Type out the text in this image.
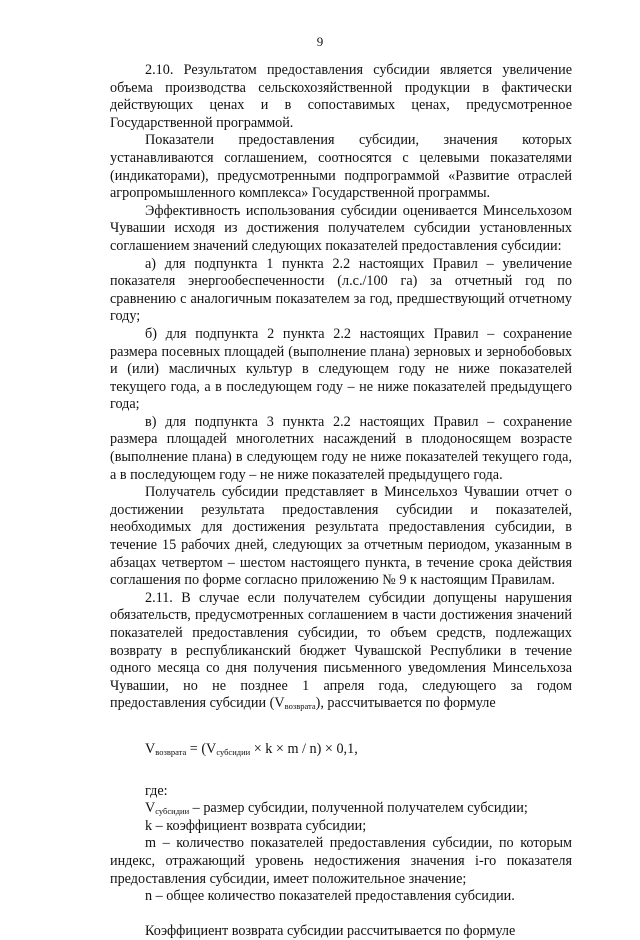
9

2.10. Результатом предоставления субсидии является увеличение объема производства сельскохозяйственной продукции в фактически действующих ценах и в сопоставимых ценах, предусмотренное Государственной программой.

Показатели предоставления субсидии, значения которых устанавливаются соглашением, соотносятся с целевыми показателями (индикаторами), предусмотренными подпрограммой «Развитие отраслей агропромышленного комплекса» Государственной программы.

Эффективность использования субсидии оценивается Минсельхозом Чувашии исходя из достижения получателем субсидии установленных соглашением значений следующих показателей предоставления субсидии:

а) для подпункта 1 пункта 2.2 настоящих Правил – увеличение показателя энергообеспеченности (л.с./100 га) за отчетный год по сравнению с аналогичным показателем за год, предшествующий отчетному году;

б) для подпункта 2 пункта 2.2 настоящих Правил – сохранение размера посевных площадей (выполнение плана) зерновых и зернобобовых и (или) масличных культур в следующем году не ниже показателей текущего года, а в последующем году – не ниже показателей предыдущего года;

в) для подпункта 3 пункта 2.2 настоящих Правил – сохранение размера площадей многолетних насаждений в плодоносящем возрасте (выполнение плана) в следующем году не ниже показателей текущего года, а в последующем году – не ниже показателей предыдущего года.

Получатель субсидии представляет в Минсельхоз Чувашии отчет о достижении результата предоставления субсидии и показателей, необходимых для достижения результата предоставления субсидии, в течение 15 рабочих дней, следующих за отчетным периодом, указанным в абзацах четвертом – шестом настоящего пункта, в течение срока действия соглашения по форме согласно приложению № 9 к настоящим Правилам.

2.11. В случае если получателем субсидии допущены нарушения обязательств, предусмотренных соглашением в части достижения значений показателей предоставления субсидии, то объем средств, подлежащих возврату в республиканский бюджет Чувашской Республики в течение одного месяца со дня получения письменного уведомления Минсельхоза Чувашии, но не позднее 1 апреля года, следующего за годом предоставления субсидии $(V_{возврата})$, рассчитывается по формуле

$V_{возврата} = (V_{субсидии} \times k \times m / n) \times 0,1$,

где:

$V_{субсидии}$ – размер субсидии, полученной получателем субсидии;

k – коэффициент возврата субсидии;

m – количество показателей предоставления субсидии, по которым индекс, отражающий уровень недостижения значения i-го показателя предоставления субсидии, имеет положительное значение;

n – общее количество показателей предоставления субсидии.

Коэффициент возврата субсидии рассчитывается по формуле
